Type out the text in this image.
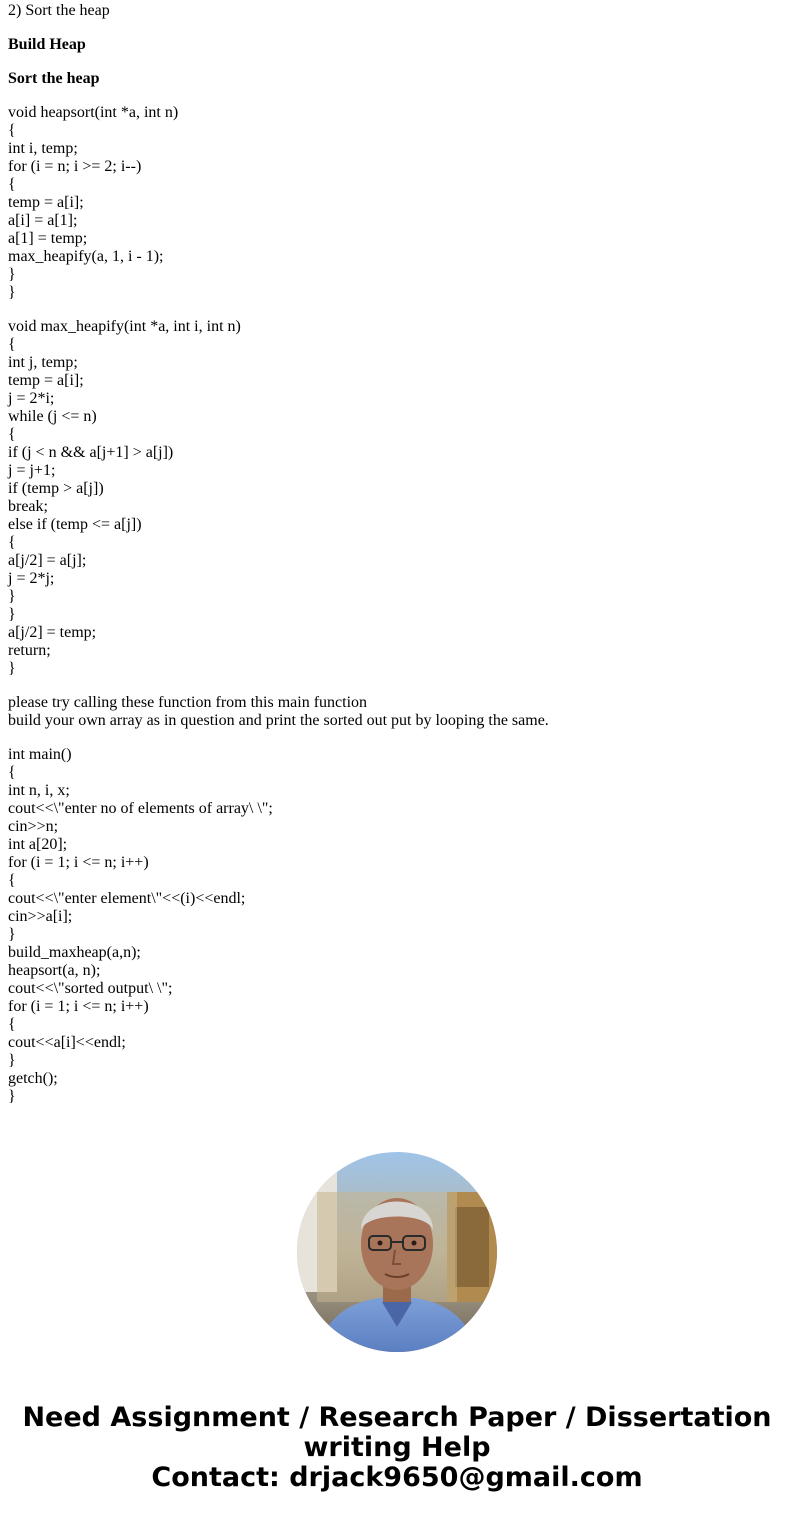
2) Sort the heap
Build Heap
Sort the heap
void heapsort(int *a, int n)
{
int i, temp;
for (i = n; i >= 2; i--)
{
temp = a[i];
a[i] = a[1];
a[1] = temp;
max_heapify(a, 1, i - 1);
}
}
void max_heapify(int *a, int i, int n)
{
int j, temp;
temp = a[i];
j = 2*i;
while (j <= n)
{
if (j < n && a[j+1] > a[j])
j = j+1;
if (temp > a[j])
break;
else if (temp <= a[j])
{
a[j/2] = a[j];
j = 2*j;
}
}
a[j/2] = temp;
return;
}
please try calling these function from this main function
build your own array as in question and print the sorted out put by looping the same.
int main()
{
int n, i, x;
cout<<\"enter no of elements of array\ \";
cin>>n;
int a[20];
for (i = 1; i <= n; i++)
{
cout<<\"enter element\"<<(i)<<endl;
cin>>a[i];
}
build_maxheap(a,n);
heapsort(a, n);
cout<<\"sorted output\ \";
for (i = 1; i <= n; i++)
{
cout<<a[i]<<endl;
}
getch();
}
Need Assignment / Research Paper / Dissertation
writing Help
Contact: drjack9650@gmail.com
